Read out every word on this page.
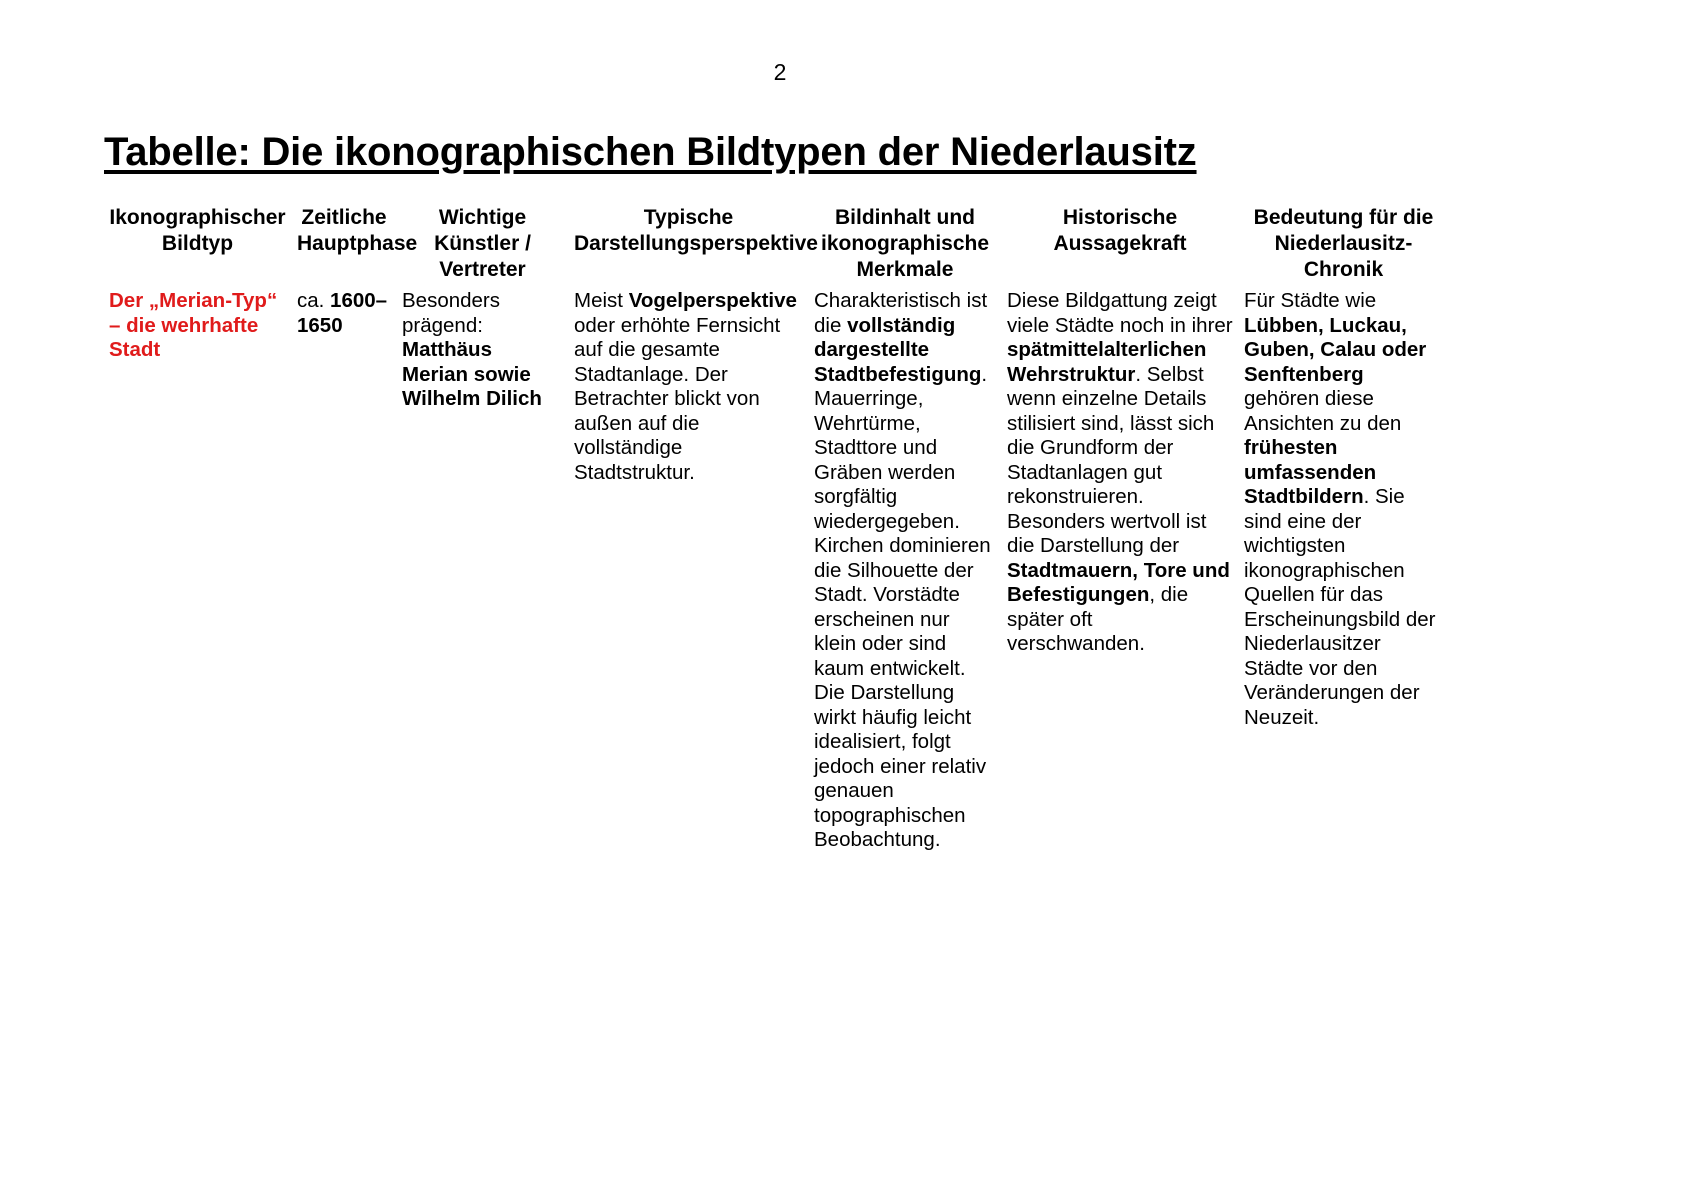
2
Tabelle: Die ikonographischen Bildtypen der Niederlausitz
Ikonographischer Bildtyp	Zeitliche Hauptphase	Wichtige Künstler / Vertreter	Typische Darstellungsperspektive	Bildinhalt und ikonographische Merkmale	Historische Aussagekraft	Bedeutung für die Niederlausitz-Chronik
Der „Merian-Typ“ – die wehrhafte Stadt	ca. 1600–1650	Besonders prägend: Matthäus Merian sowie Wilhelm Dilich	Meist Vogelperspektive oder erhöhte Fernsicht auf die gesamte Stadtanlage. Der Betrachter blickt von außen auf die vollständige Stadtstruktur.	Charakteristisch ist die vollständig dargestellte Stadtbefestigung. Mauerringe, Wehrtürme, Stadttore und Gräben werden sorgfältig wiedergegeben. Kirchen dominieren die Silhouette der Stadt. Vorstädte erscheinen nur klein oder sind kaum entwickelt. Die Darstellung wirkt häufig leicht idealisiert, folgt jedoch einer relativ genauen topographischen Beobachtung.	Diese Bildgattung zeigt viele Städte noch in ihrer spätmittelalterlichen Wehrstruktur. Selbst wenn einzelne Details stilisiert sind, lässt sich die Grundform der Stadtanlagen gut rekonstruieren. Besonders wertvoll ist die Darstellung der Stadtmauern, Tore und Befestigungen, die später oft verschwanden.	Für Städte wie Lübben, Luckau, Guben, Calau oder Senftenberg gehören diese Ansichten zu den frühesten umfassenden Stadtbildern. Sie sind eine der wichtigsten ikonographischen Quellen für das Erscheinungsbild der Niederlausitzer Städte vor den Veränderungen der Neuzeit.
